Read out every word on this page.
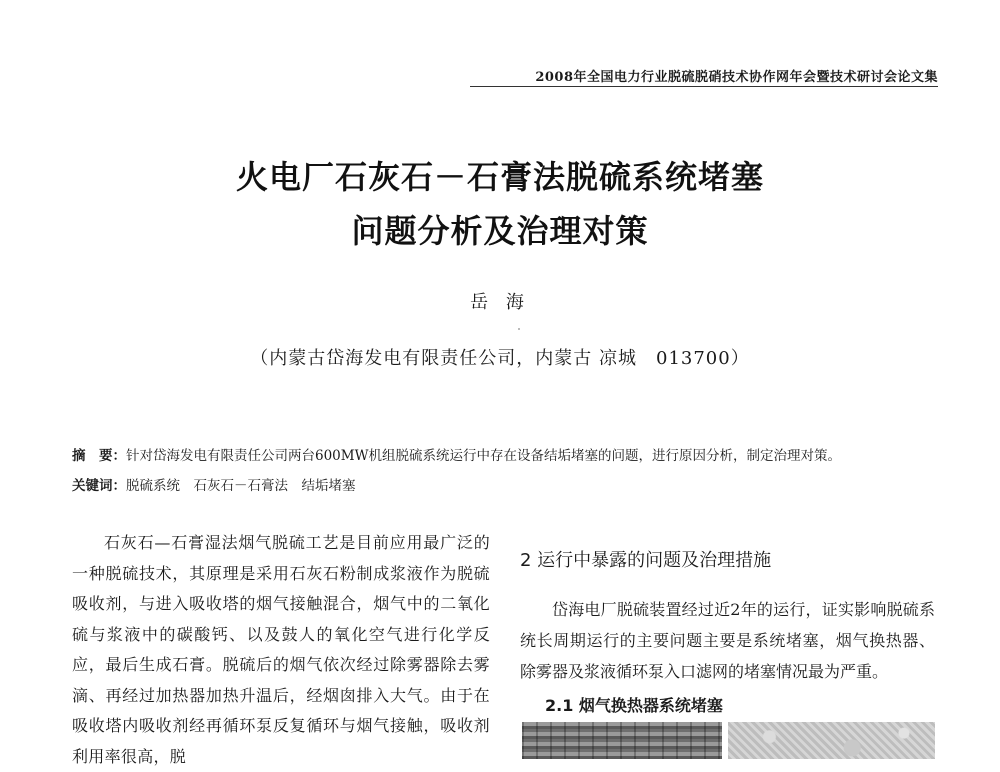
2008年全国电力行业脱硫脱硝技术协作网年会暨技术研讨会论文集
火电厂石灰石－石膏法脱硫系统堵塞
问题分析及治理对策
岳 海
（内蒙古岱海发电有限责任公司，内蒙古 凉城　013700）
摘　要：针对岱海发电有限责任公司两台600MW机组脱硫系统运行中存在设备结垢堵塞的问题，进行原因分析，制定治理对策。
关键词：脱硫系统　石灰石－石膏法　结垢堵塞

石灰石—石膏湿法烟气脱硫工艺是目前应用最广泛的一种脱硫技术，其原理是采用石灰石粉制成浆液作为脱硫吸收剂，与进入吸收塔的烟气接触混合，烟气中的二氧化硫与浆液中的碳酸钙、以及鼓人的氧化空气进行化学反应，最后生成石膏。脱硫后的烟气依次经过除雾器除去雾滴、再经过加热器加热升温后，经烟囱排入大气。由于在吸收塔内吸收剂经再循环泵反复循环与烟气接触，吸收剂利用率很高，脱

2 运行中暴露的问题及治理措施

岱海电厂脱硫装置经过近2年的运行，证实影响脱硫系统长周期运行的主要问题主要是系统堵塞，烟气换热器、除雾器及浆液循环泵入口滤网的堵塞情况最为严重。

2.1 烟气换热器系统堵塞
